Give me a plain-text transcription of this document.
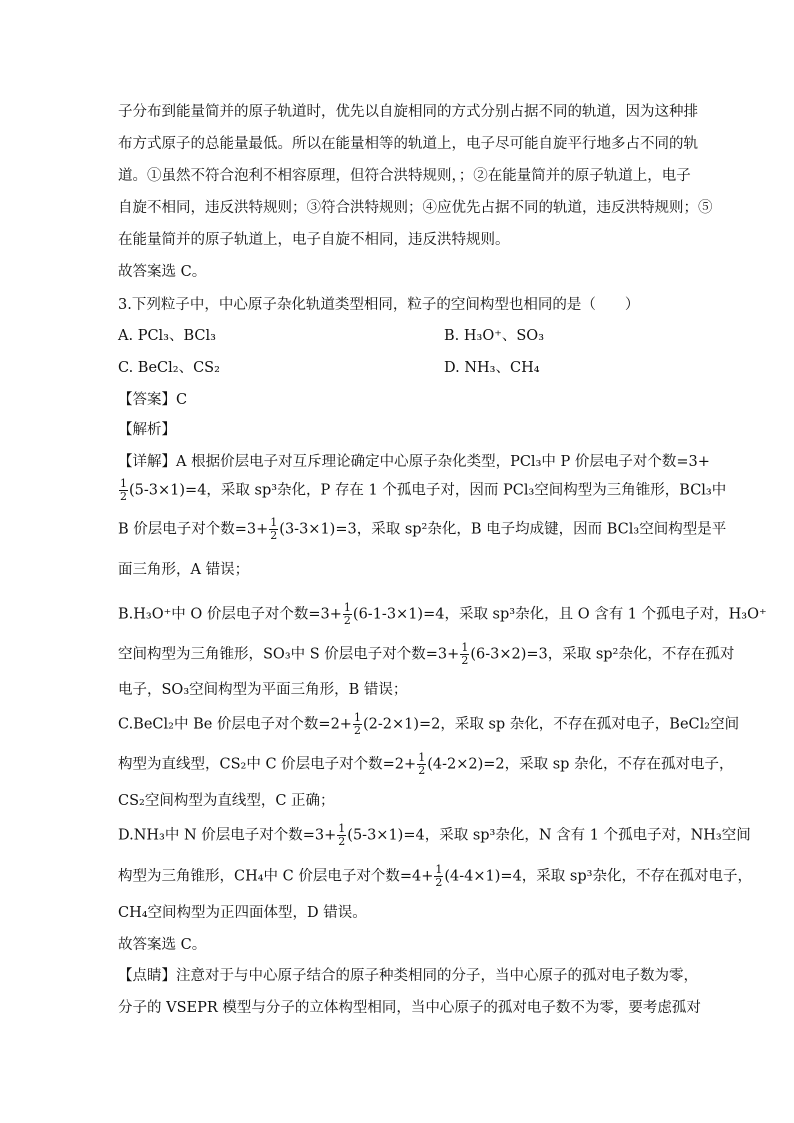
子分布到能量简并的原子轨道时，优先以自旋相同的方式分别占据不同的轨道，因为这种排
布方式原子的总能量最低。所以在能量相等的轨道上，电子尽可能自旋平行地多占不同的轨
道。①虽然不符合泡利不相容原理，但符合洪特规则，；②在能量简并的原子轨道上，电子
自旋不相同，违反洪特规则；③符合洪特规则；④应优先占据不同的轨道，违反洪特规则；⑤
在能量简并的原子轨道上，电子自旋不相同，违反洪特规则。
故答案选 C。
3.下列粒子中，中心原子杂化轨道类型相同，粒子的空间构型也相同的是（　　）
A. PCl₃、BCl₃	B. H₃O⁺、SO₃
C. BeCl₂、CS₂	D. NH₃、CH₄
【答案】C
【解析】
【详解】A 根据价层电子对互斥理论确定中心原子杂化类型，PCl₃中 P 价层电子对个数=3+
$\frac{1}{2} (5-3\times 1)=4$，采取 sp³杂化，P 存在 1 个孤电子对，因而 PCl₃空间构型为三角锥形，BCl₃中
B 价层电子对个数$=3+ \frac{1}{2} (3-3\times 1)=3$，采取 sp²杂化，B 电子均成键，因而 BCl₃空间构型是平
面三角形，A 错误；
B.H₃O⁺中 O 价层电子对个数$=3+ \frac{1}{2} (6-1-3\times 1)=4$，采取 sp³杂化，且 O 含有 1 个孤电子对，H₃O⁺
空间构型为三角锥形，SO₃中 S 价层电子对个数$=3+ \frac{1}{2} (6-3\times 2)=3$，采取 sp²杂化，不存在孤对
电子，SO₃空间构型为平面三角形，B 错误；
C.BeCl₂中 Be 价层电子对个数$=2+ \frac{1}{2} (2-2\times 1)=2$，采取 sp 杂化，不存在孤对电子，BeCl₂空间
构型为直线型，CS₂中 C 价层电子对个数$=2+ \frac{1}{2} (4-2\times 2)=2$，采取 sp 杂化，不存在孤对电子，
CS₂空间构型为直线型，C 正确；
D.NH₃中 N 价层电子对个数$=3+ \frac{1}{2} (5-3\times 1)=4$，采取 sp³杂化，N 含有 1 个孤电子对，NH₃空间
构型为三角锥形，CH₄中 C 价层电子对个数$=4+ \frac{1}{2} (4-4\times 1)=4$，采取 sp³杂化，不存在孤对电子，
CH₄空间构型为正四面体型，D 错误。
故答案选 C。
【点睛】注意对于与中心原子结合的原子种类相同的分子，当中心原子的孤对电子数为零，
分子的 VSEPR 模型与分子的立体构型相同，当中心原子的孤对电子数不为零，要考虑孤对
